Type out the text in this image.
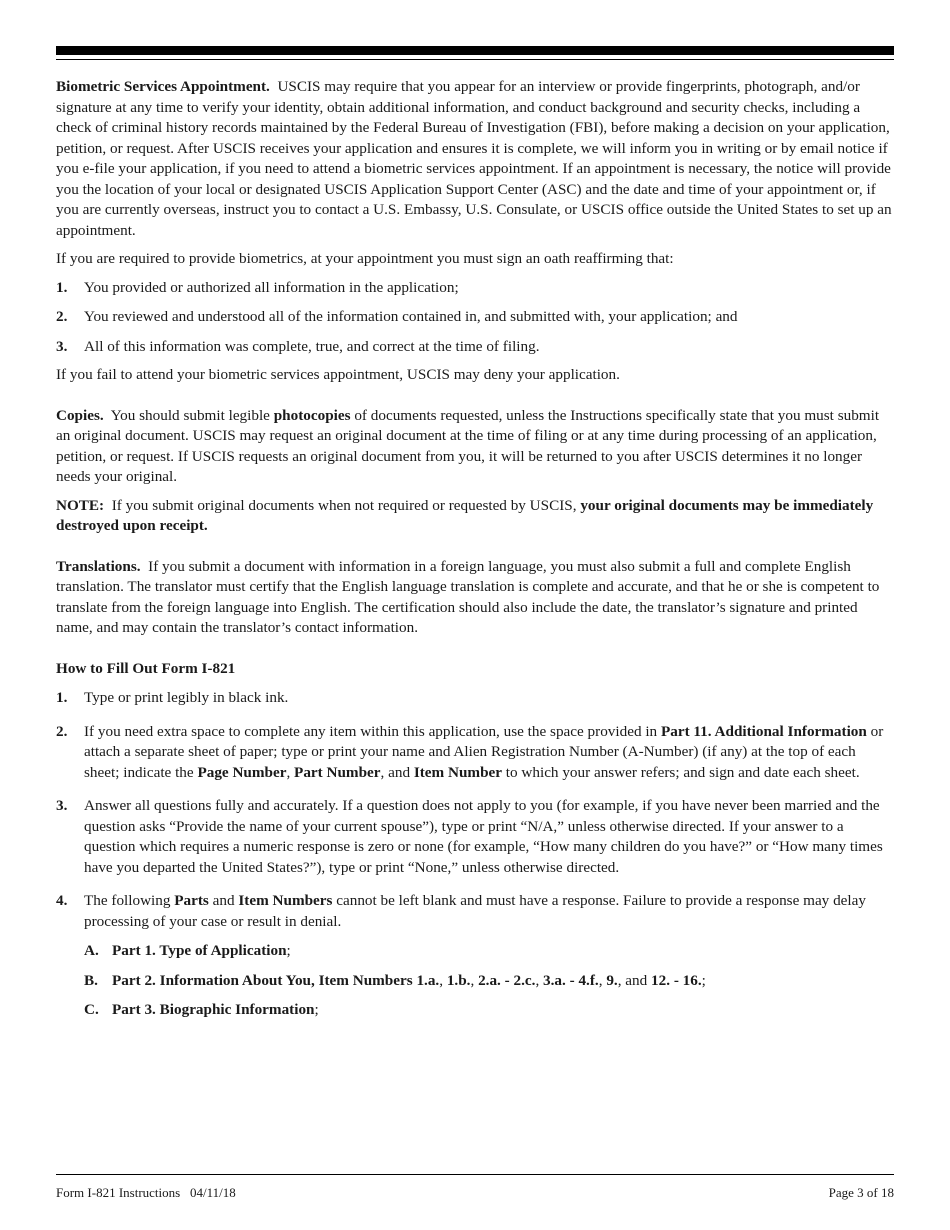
Biometric Services Appointment. USCIS may require that you appear for an interview or provide fingerprints, photograph, and/or signature at any time to verify your identity, obtain additional information, and conduct background and security checks, including a check of criminal history records maintained by the Federal Bureau of Investigation (FBI), before making a decision on your application, petition, or request. After USCIS receives your application and ensures it is complete, we will inform you in writing or by email notice if you e-file your application, if you need to attend a biometric services appointment. If an appointment is necessary, the notice will provide you the location of your local or designated USCIS Application Support Center (ASC) and the date and time of your appointment or, if you are currently overseas, instruct you to contact a U.S. Embassy, U.S. Consulate, or USCIS office outside the United States to set up an appointment.

If you are required to provide biometrics, at your appointment you must sign an oath reaffirming that:

1.	You provided or authorized all information in the application;
2.	You reviewed and understood all of the information contained in, and submitted with, your application; and
3.	All of this information was complete, true, and correct at the time of filing.

If you fail to attend your biometric services appointment, USCIS may deny your application.

Copies. You should submit legible photocopies of documents requested, unless the Instructions specifically state that you must submit an original document. USCIS may request an original document at the time of filing or at any time during processing of an application, petition, or request. If USCIS requests an original document from you, it will be returned to you after USCIS determines it no longer needs your original.

NOTE: If you submit original documents when not required or requested by USCIS, your original documents may be immediately destroyed upon receipt.

Translations. If you submit a document with information in a foreign language, you must also submit a full and complete English translation. The translator must certify that the English language translation is complete and accurate, and that he or she is competent to translate from the foreign language into English. The certification should also include the date, the translator’s signature and printed name, and may contain the translator’s contact information.

How to Fill Out Form I-821

1.	Type or print legibly in black ink.
2.	If you need extra space to complete any item within this application, use the space provided in Part 11. Additional Information or attach a separate sheet of paper; type or print your name and Alien Registration Number (A-Number) (if any) at the top of each sheet; indicate the Page Number, Part Number, and Item Number to which your answer refers; and sign and date each sheet.
3.	Answer all questions fully and accurately. If a question does not apply to you (for example, if you have never been married and the question asks “Provide the name of your current spouse”), type or print “N/A,” unless otherwise directed. If your answer to a question which requires a numeric response is zero or none (for example, “How many children do you have?” or “How many times have you departed the United States?”), type or print “None,” unless otherwise directed.
4.	The following Parts and Item Numbers cannot be left blank and must have a response. Failure to provide a response may delay processing of your case or result in denial.
A. Part 1. Type of Application;
B. Part 2. Information About You, Item Numbers 1.a., 1.b., 2.a. - 2.c., 3.a. - 4.f., 9., and 12. - 16.;
C. Part 3. Biographic Information;
Form I-821 Instructions   04/11/18	Page 3 of 18
